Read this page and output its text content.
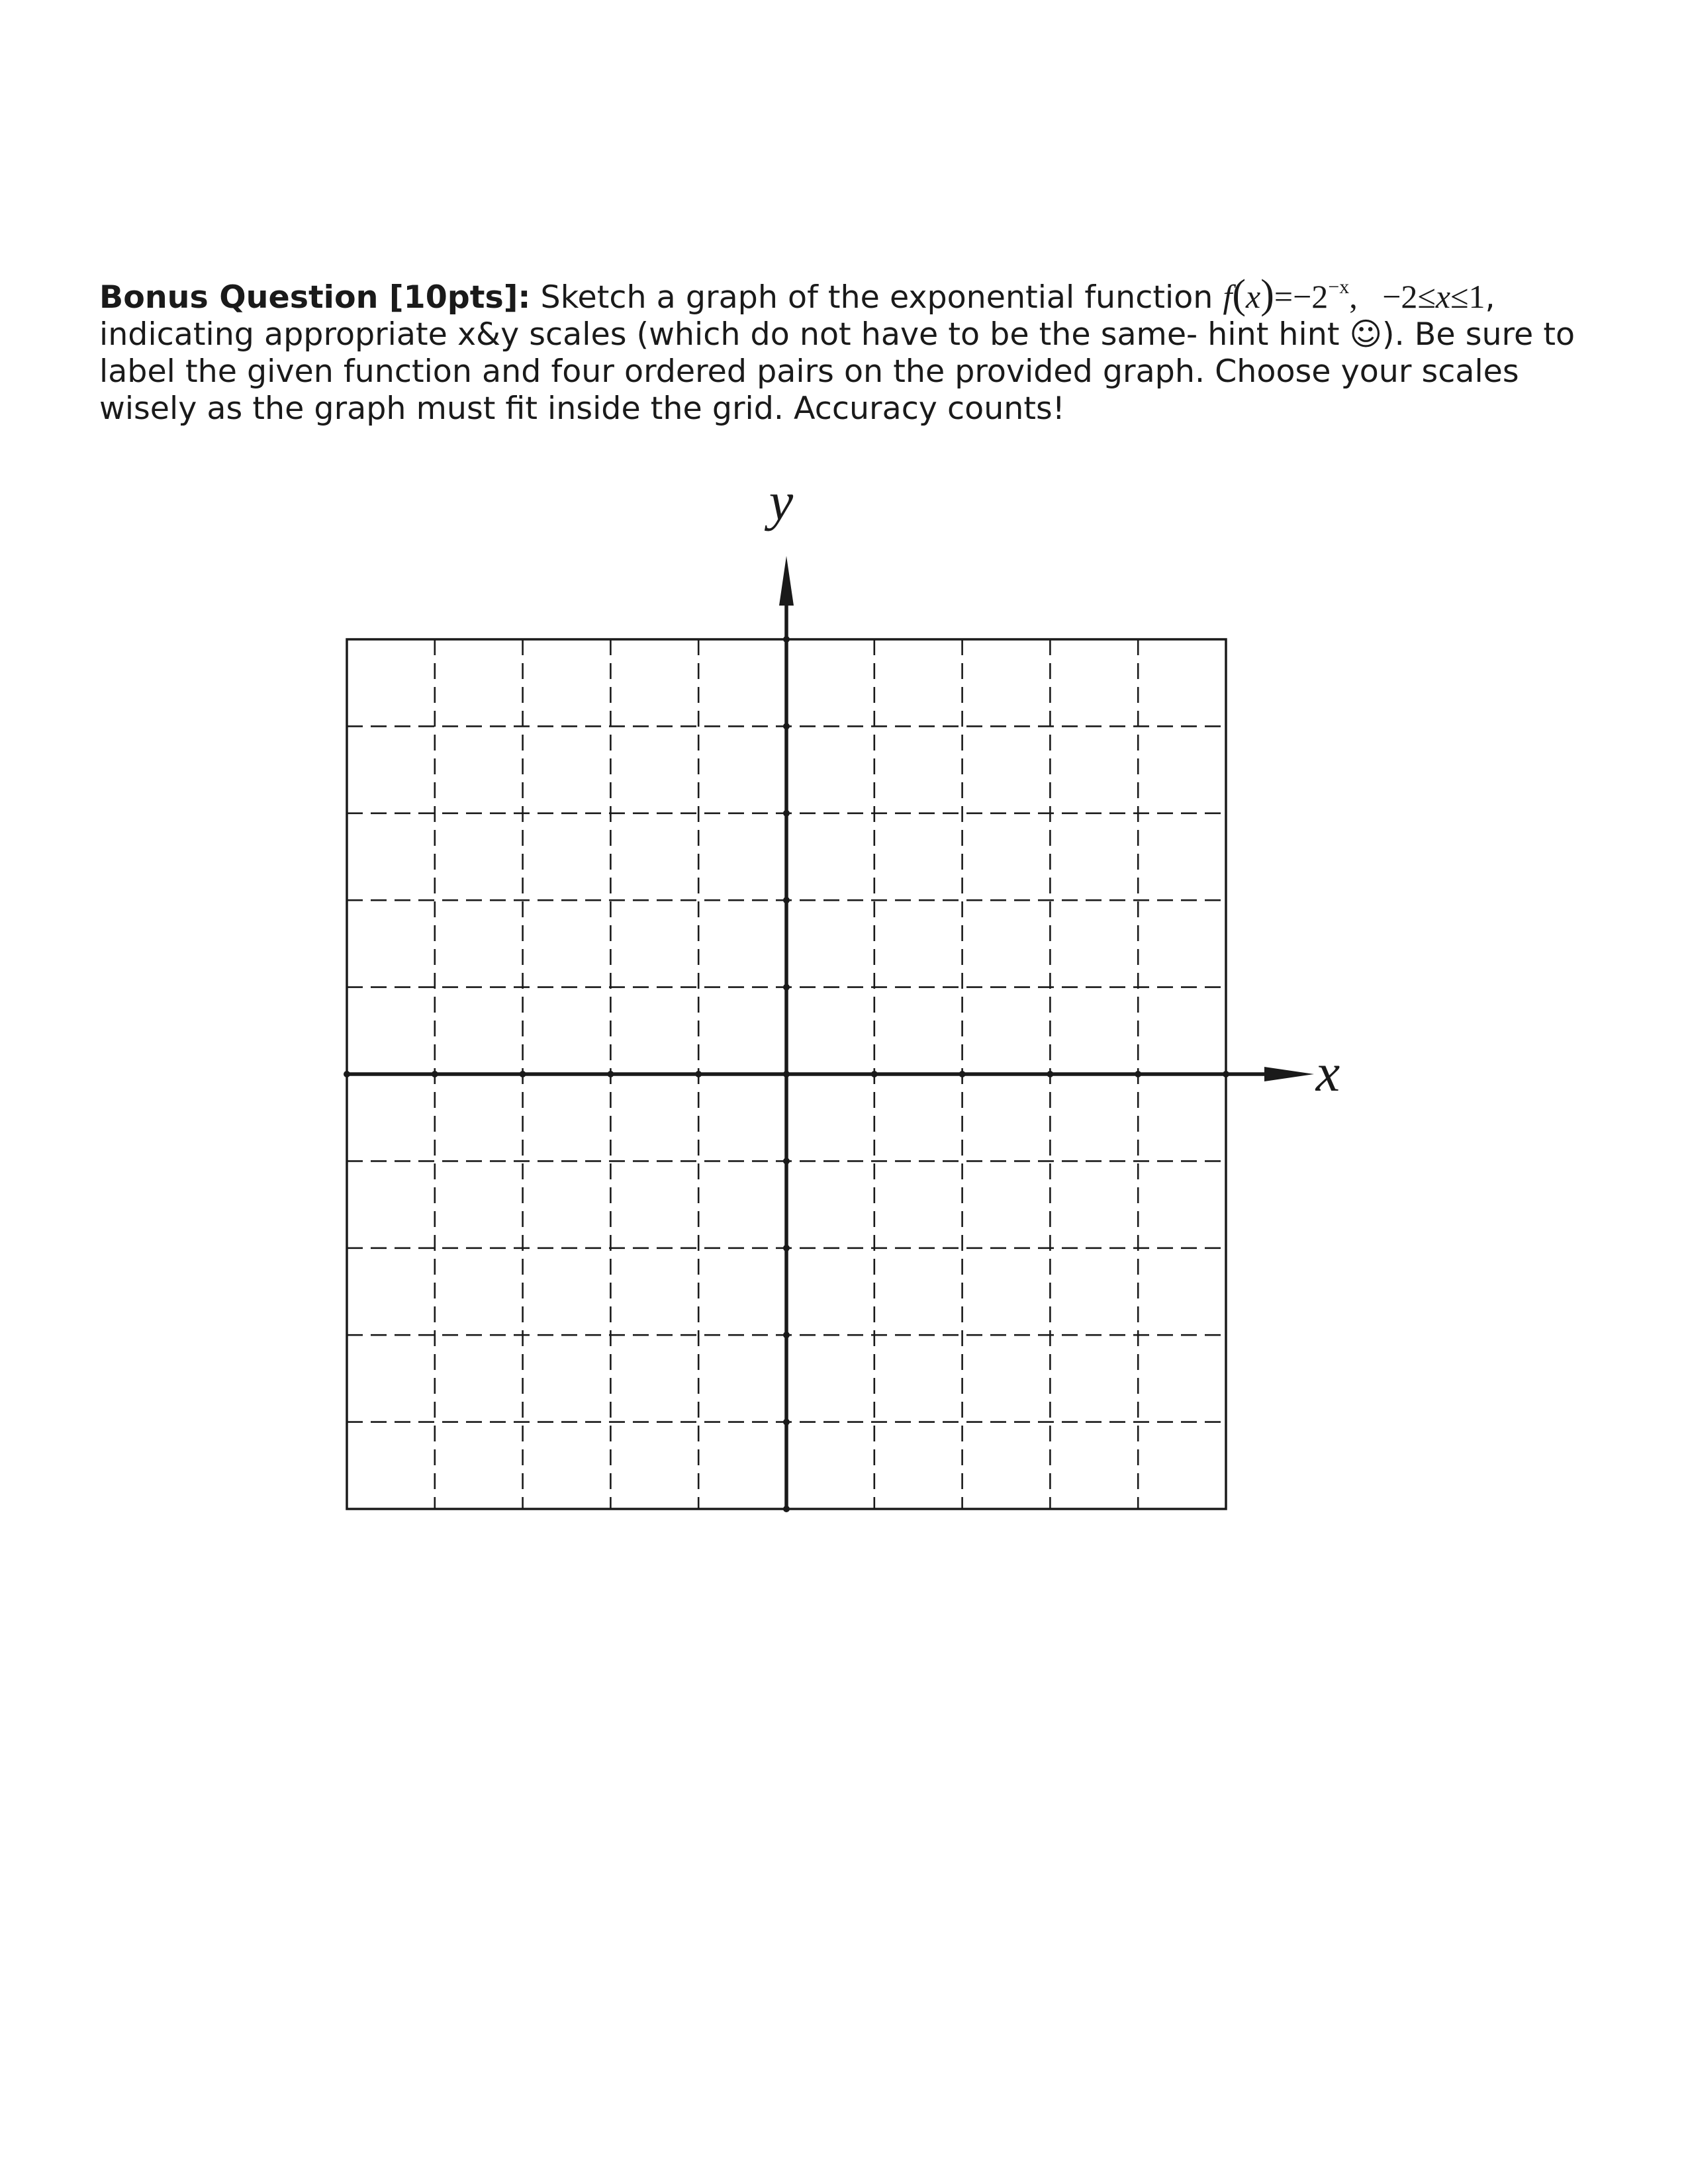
Bonus Question [10pts]: Sketch a graph of the exponential function $f(x)=-2^{-x}$,   −2≤x≤1, indicating appropriate x&y scales (which do not have to be the same- hint hint ☺). Be sure to label the given function and four ordered pairs on the provided graph. Choose your scales wisely as the graph must fit inside the grid. Accuracy counts!

x
y
